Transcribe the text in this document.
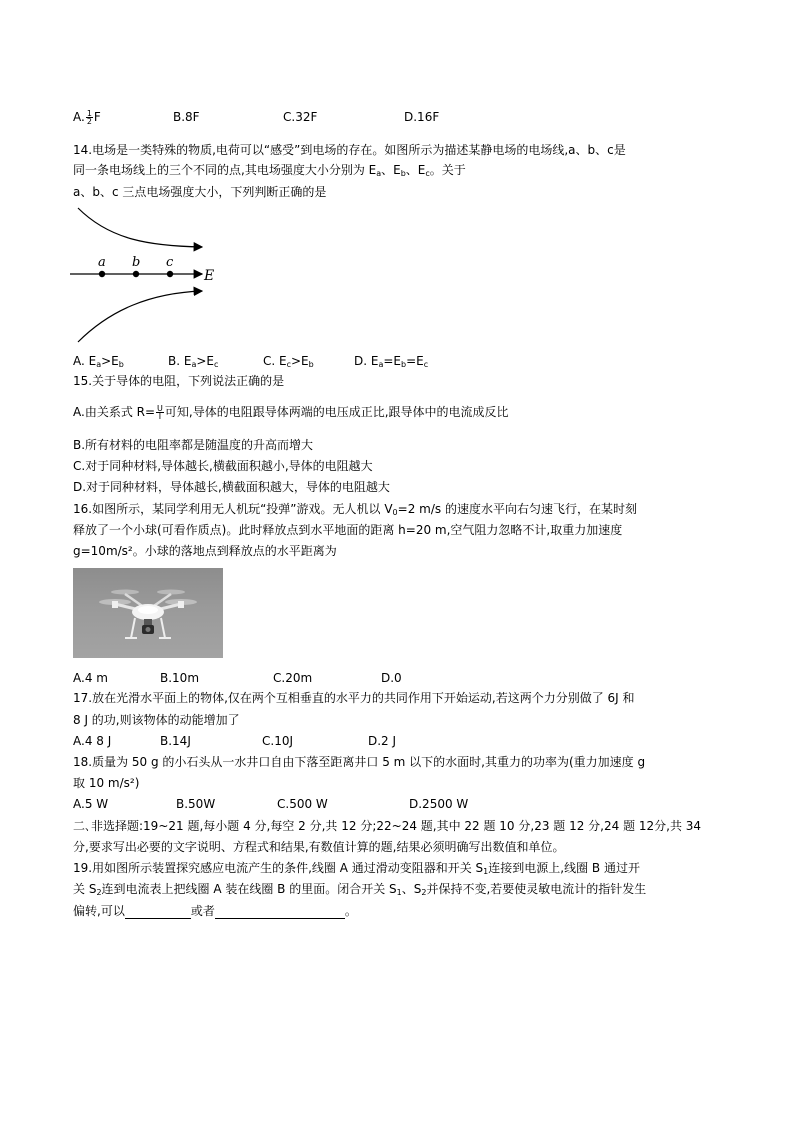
A. $\frac{1}{2}$ F	B.8F	C.32F	D.16F
14.电场是一类特殊的物质,电荷可以“感受”到电场的存在。如图所示为描述某静电场的电场线,a、b、c是
同一条电场线上的三个不同的点,其电场强度大小分别为 $E_a$、$E_b$、$E_c$。关于
a、b、c 三点电场强度大小，下列判断正确的是
a b c
E
A. $E_a>E_b$	B. $E_a>E_c$	C. $E_c>E_b$	D. $E_a=E_b=E_c$
15.关于导体的电阻，下列说法正确的是
A.由关系式 $R= \frac{U}{I}$ 可知,导体的电阻跟导体两端的电压成正比,跟导体中的电流成反比
B.所有材料的电阻率都是随温度的升高而增大
C.对于同种材料,导体越长,横截面积越小,导体的电阻越大
D.对于同种材料，导体越长,横截面积越大，导体的电阻越大
16.如图所示，某同学利用无人机玩“投弹”游戏。无人机以 $V_0=2$ m/s 的速度水平向右匀速飞行，在某时刻
释放了一个小球(可看作质点)。此时释放点到水平地面的距离 h=20 m,空气阻力忽略不计,取重力加速度
g=10m/s²。小球的落地点到释放点的水平距离为
A.4 m	B.10m	C.20m	D.0
17.放在光滑水平面上的物体,仅在两个互相垂直的水平力的共同作用下开始运动,若这两个力分别做了 6J 和
8 J 的功,则该物体的动能增加了
A.4 8 J	B.14J	C.10J	D.2 J
18.质量为 50 g 的小石头从一水井口自由下落至距离井口 5 m 以下的水面时,其重力的功率为(重力加速度 g
取 10 m/s²)
A.5 W	B.50W	C.500 W	D.2500 W
二､非选择题:19~21 题,每小题 4 分,每空 2 分,共 12 分;22~24 题,其中 22 题 10 分,23 题 12 分,24 题 12分,共 34
分,要求写出必要的文字说明、方程式和结果,有数值计算的题,结果必须明确写出数值和单位。
19.用如图所示装置探究感应电流产生的条件,线圈 A 通过滑动变阻器和开关 $S_1$连接到电源上,线圈 B 通过开
关 $S_2$连到电流表上把线圈 A 装在线圈 B 的里面。闭合开关 $S_1$、$S_2$并保持不变,若要使灵敏电流计的指针发生
偏转,可以	或者	。
